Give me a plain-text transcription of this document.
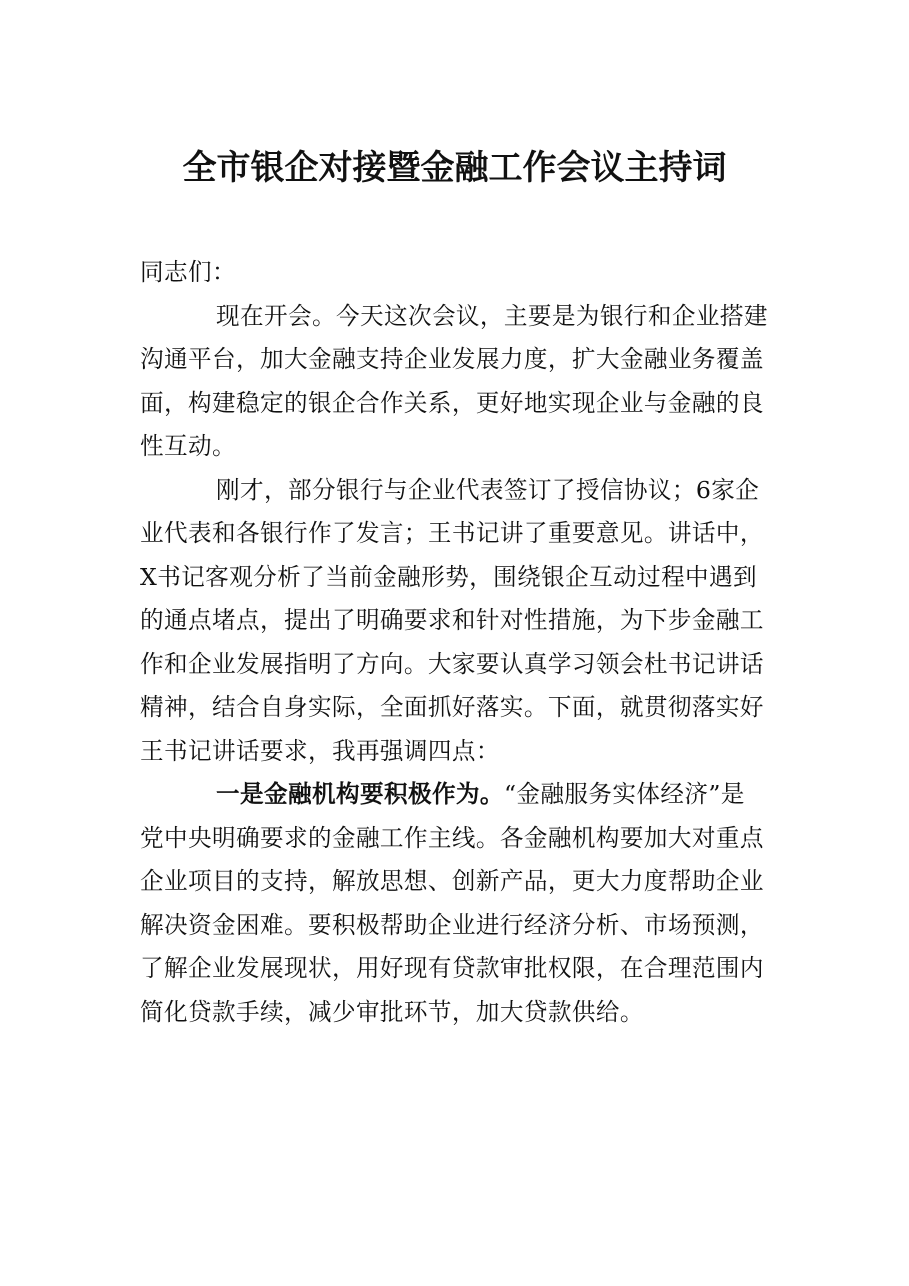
全市银企对接暨金融工作会议主持词

同志们：

现在开会。今天这次会议，主要是为银行和企业搭建沟通平台，加大金融支持企业发展力度，扩大金融业务覆盖面，构建稳定的银企合作关系，更好地实现企业与金融的良性互动。

刚才，部分银行与企业代表签订了授信协议；6家企业代表和各银行作了发言；王书记讲了重要意见。讲话中，X书记客观分析了当前金融形势，围绕银企互动过程中遇到的通点堵点，提出了明确要求和针对性措施，为下步金融工作和企业发展指明了方向。大家要认真学习领会杜书记讲话精神，结合自身实际，全面抓好落实。下面，就贯彻落实好王书记讲话要求，我再强调四点：

一是金融机构要积极作为。“金融服务实体经济”是党中央明确要求的金融工作主线。各金融机构要加大对重点企业项目的支持，解放思想、创新产品，更大力度帮助企业解决资金困难。要积极帮助企业进行经济分析、市场预测，了解企业发展现状，用好现有贷款审批权限，在合理范围内简化贷款手续，减少审批环节，加大贷款供给。
